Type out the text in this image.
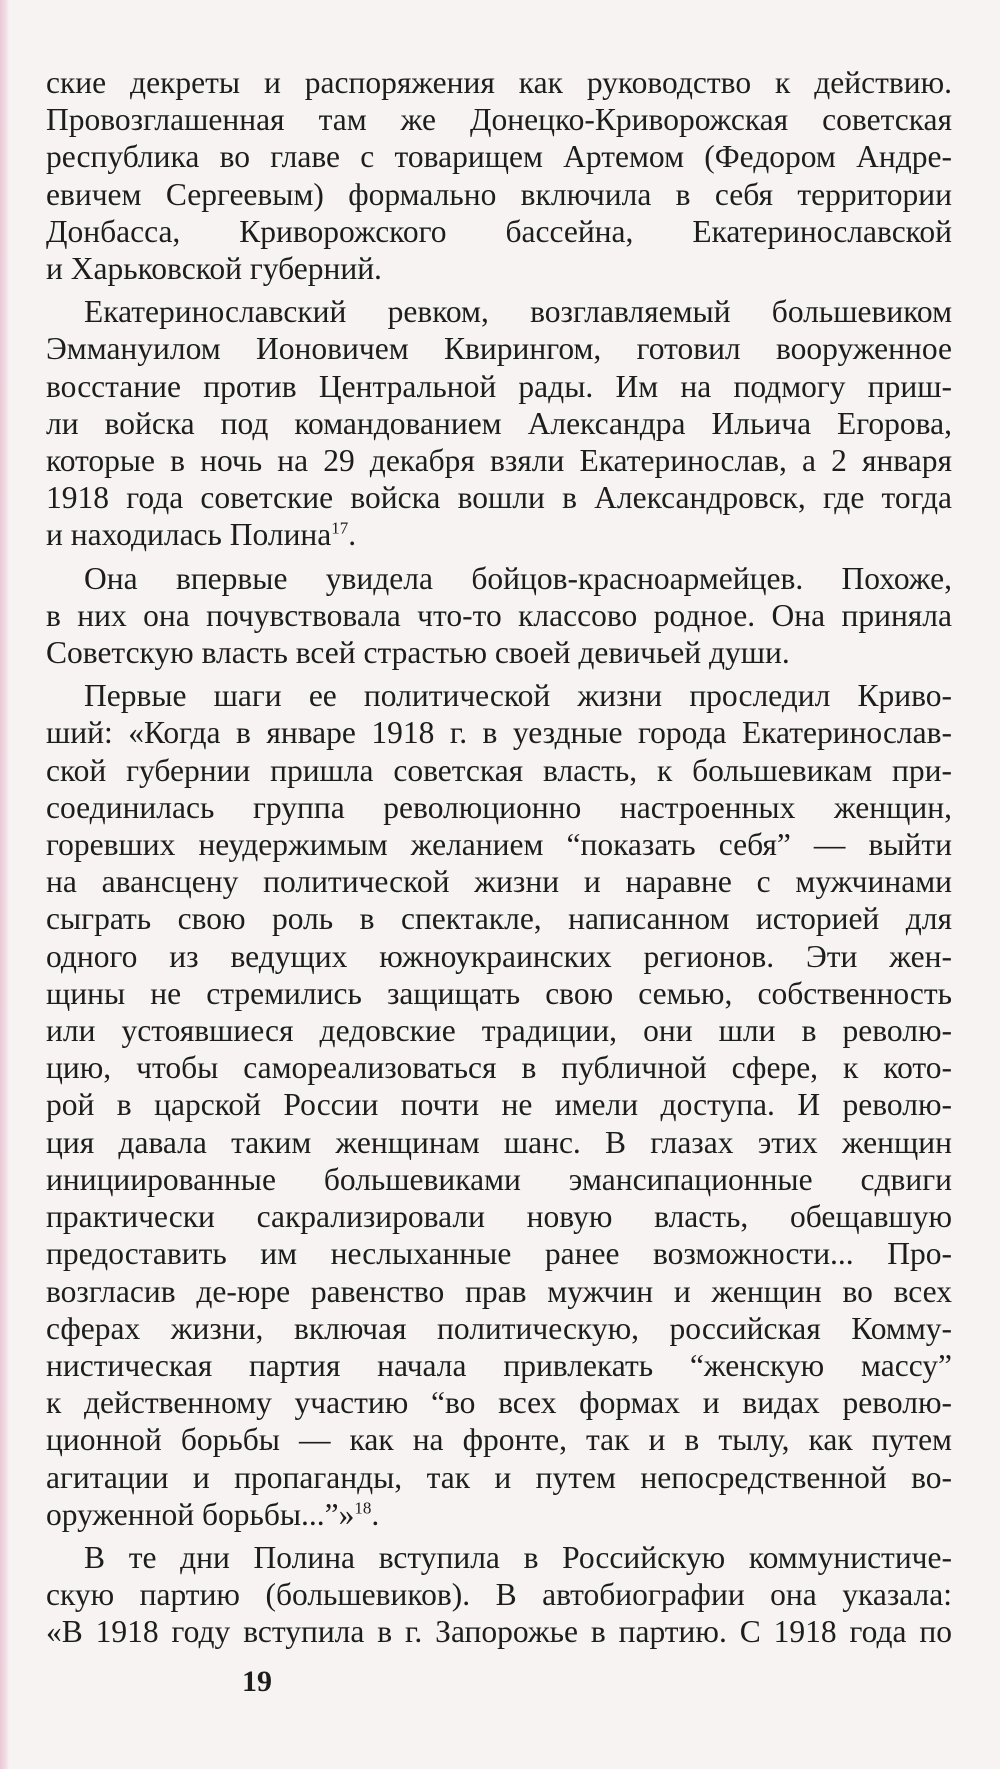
ские декреты и распоряжения как руководство к действию.
Провозглашенная там же Донецко-Криворожская советская
республика во главе с товарищем Артемом (Федором Андре-
евичем Сергеевым) формально включила в себя территории
Донбасса, Криворожского бассейна, Екатеринославской
и Харьковской губерний.
Екатеринославский ревком, возглавляемый большевиком
Эммануилом Ионовичем Квирингом, готовил вооруженное
восстание против Центральной рады. Им на подмогу приш-
ли войска под командованием Александра Ильича Егорова,
которые в ночь на 29 декабря взяли Екатеринослав, а 2 января
1918 года советские войска вошли в Александровск, где тогда
и находилась Полина$^{17}$.
Она впервые увидела бойцов-красноармейцев. Похоже,
в них она почувствовала что-то классово родное. Она приняла
Советскую власть всей страстью своей девичьей души.
Первые шаги ее политической жизни проследил Криво-
ший: «Когда в январе 1918 г. в уездные города Екатеринослав-
ской губернии пришла советская власть, к большевикам при-
соединилась группа революционно настроенных женщин,
горевших неудержимым желанием “показать себя” — выйти
на авансцену политической жизни и наравне с мужчинами
сыграть свою роль в спектакле, написанном историей для
одного из ведущих южноукраинских регионов. Эти жен-
щины не стремились защищать свою семью, собственность
или устоявшиеся дедовские традиции, они шли в револю-
цию, чтобы самореализоваться в публичной сфере, к кото-
рой в царской России почти не имели доступа. И револю-
ция давала таким женщинам шанс. В глазах этих женщин
инициированные большевиками эмансипационные сдвиги
практически сакрализировали новую власть, обещавшую
предоставить им неслыханные ранее возможности... Про-
возгласив де-юре равенство прав мужчин и женщин во всех
сферах жизни, включая политическую, российская Комму-
нистическая партия начала привлекать “женскую массу”
к действенному участию “во всех формах и видах револю-
ционной борьбы — как на фронте, так и в тылу, как путем
агитации и пропаганды, так и путем непосредственной во-
оруженной борьбы...”»$^{18}$.
В те дни Полина вступила в Российскую коммунистиче-
скую партию (большевиков). В автобиографии она указала:
«В 1918 году вступила в г. Запорожье в партию. С 1918 года по
19
